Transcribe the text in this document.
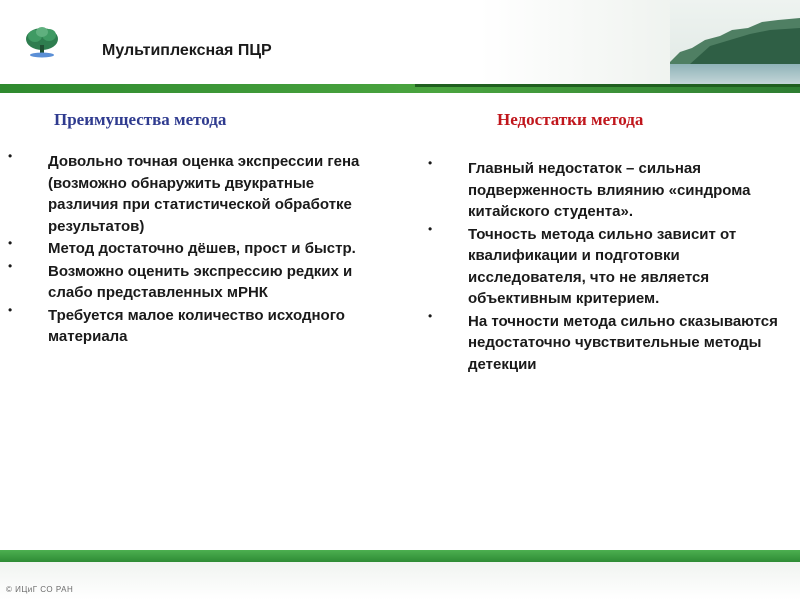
Мультиплексная ПЦР
Преимущества метода	Недостатки метода
• Довольно точная оценка экспрессии гена (возможно обнаружить двукратные различия при статистической обработке результатов)
• Метод достаточно дёшев, прост и быстр.
• Возможно оценить экспрессию редких и слабо представленных мРНК
• Требуется малое количество исходного материала
• Главный недостаток – сильная подверженность влиянию «синдрома китайского студента».
• Точность метода сильно зависит от квалификации и подготовки исследователя, что не является объективным критерием.
• На точности метода сильно сказываются недостаточно чувствительные методы детекции
© ИЦиГ СО РАН
